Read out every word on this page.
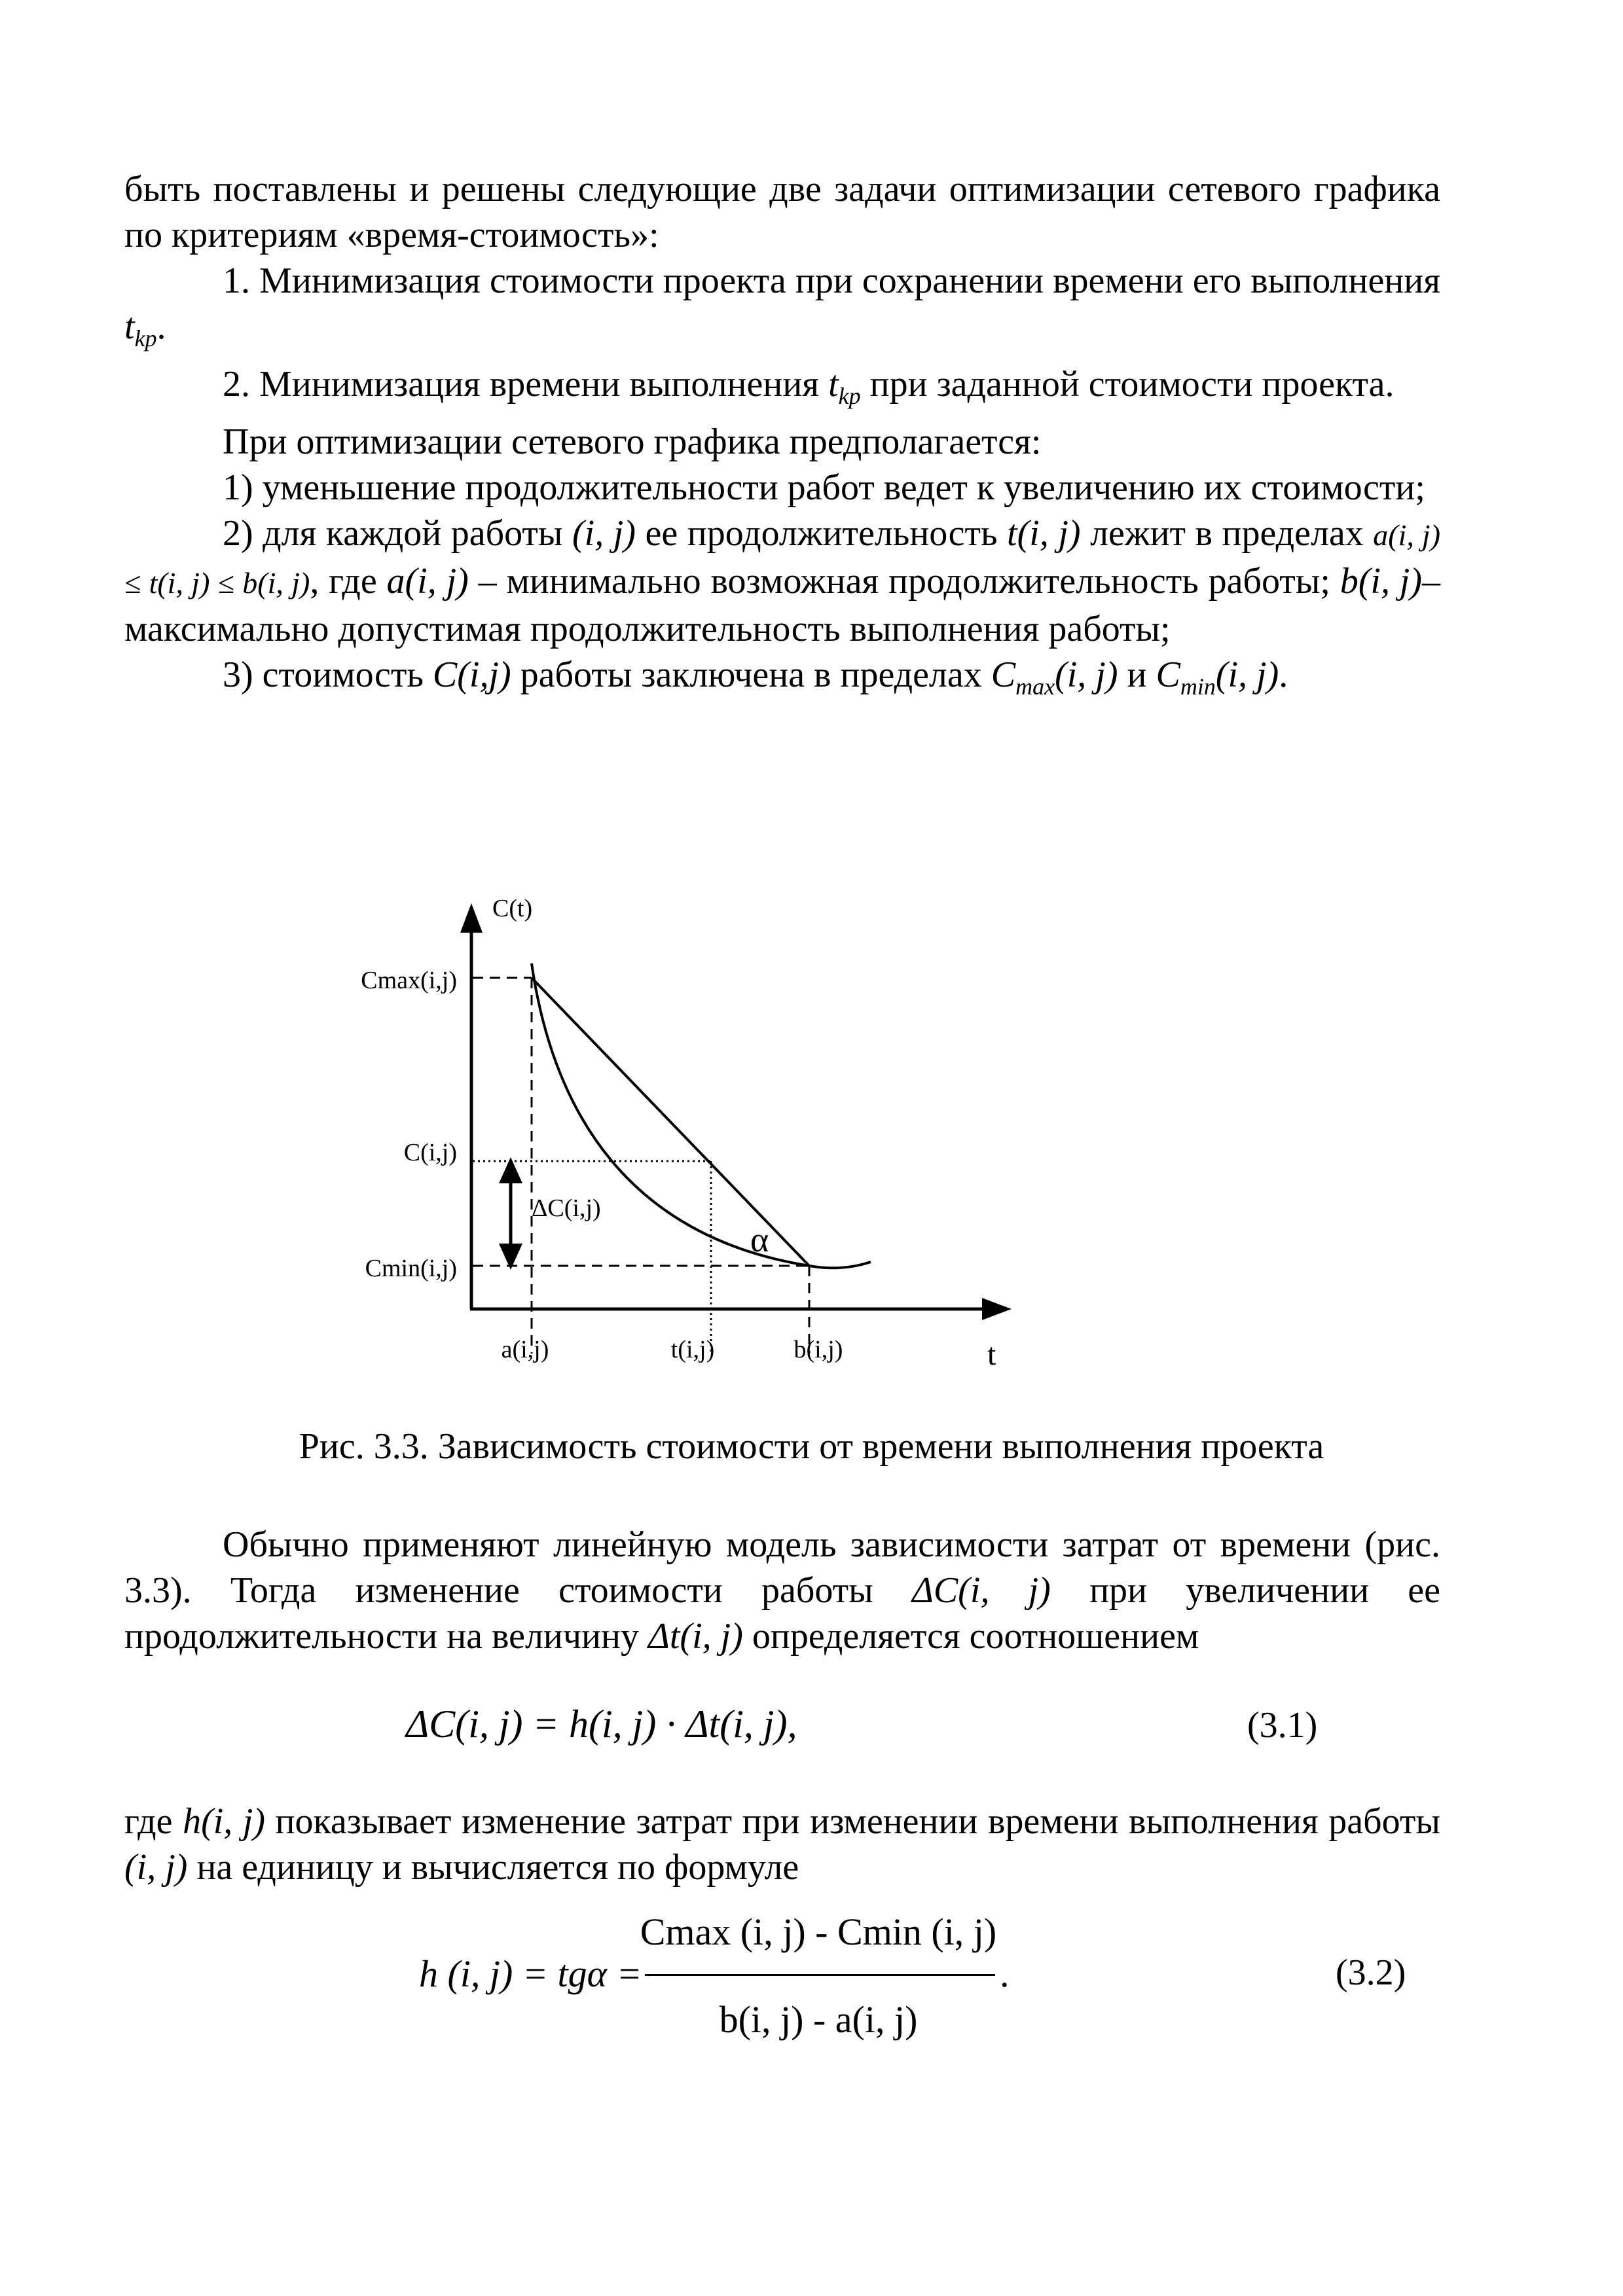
быть поставлены и решены следующие две задачи оптимизации сетевого графика по критериям «время-стоимость»:

1. Минимизация стоимости проекта при сохранении времени его выполнения $t_{kp}$.

2. Минимизация времени выполнения $t_{kp}$ при заданной стоимости проекта.

При оптимизации сетевого графика предполагается:

1) уменьшение продолжительности работ ведет к увеличению их стоимости;

2) для каждой работы (i, j) ее продолжительность t(i, j) лежит в пределах a(i, j) ≤ t(i, j) ≤ b(i, j), где a(i, j) – минимально возможная продолжительность работы; b(i, j)– максимально допустимая продолжительность выполнения работы;

3) стоимость C(i,j) работы заключена в пределах $C_{max}(i$, j) и $C_{min}(i$, j).

C(t)
t
Cmax(i,j)
C(i,j)
Cmin(i,j)
a(i,j)	t(i,j)	b(i,j)
ΔC(i,j)
α
Рис. 3.3. Зависимость стоимости от времени выполнения проекта

Обычно применяют линейную модель зависимости затрат от времени (рис. 3.3). Тогда изменение стоимости работы ΔC(i, j) при увеличении ее продолжительности на величину Δt(i, j) определяется соотношением

ΔC(i, j) = h(i, j) · Δt(i, j),	(3.1)

где h(i, j) показывает изменение затрат при изменении времени выполнения работы (i, j) на единицу и вычисляется по формуле

h (i, j) = tgα =
Cmax (i, j) - Cmin (i, j)
b(i, j) - a(i, j)
.	(3.2)
